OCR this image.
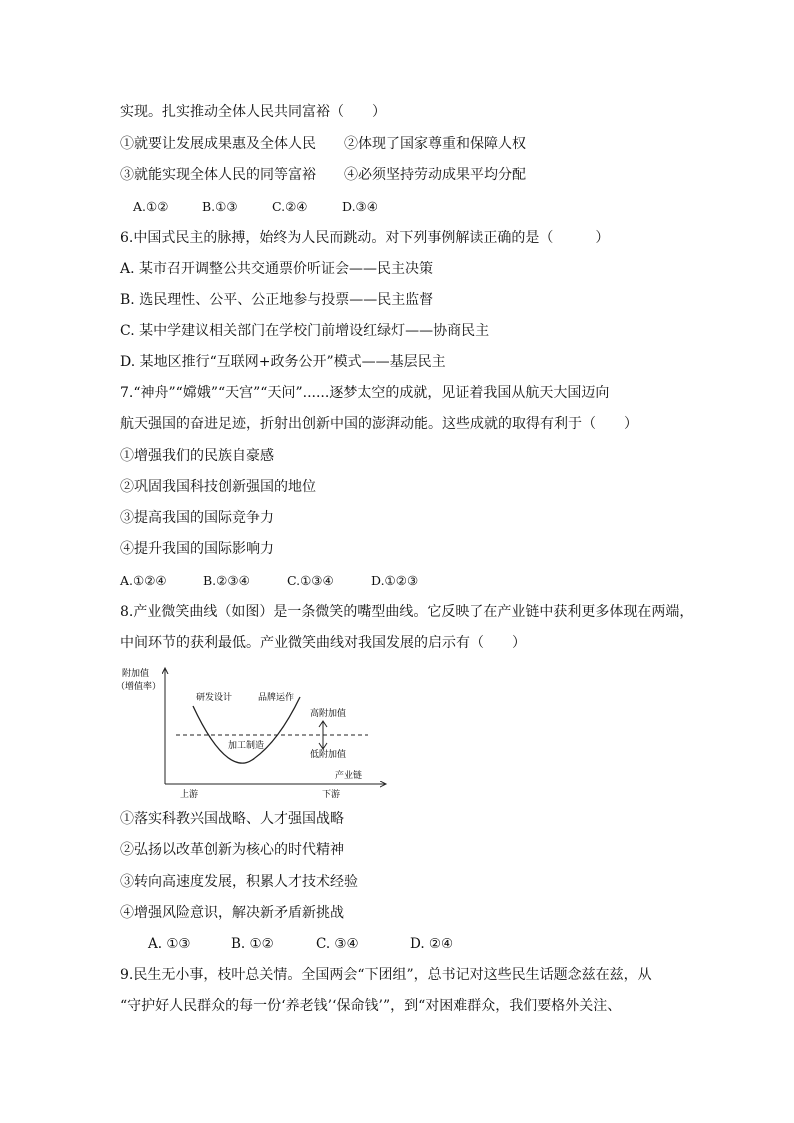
实现。扎实推动全体人民共同富裕（　　）
①就要让发展成果惠及全体人民　　②体现了国家尊重和保障人权
③就能实现全体人民的同等富裕　　④必须坚持劳动成果平均分配
A.①②	B.①③	C.②④	D.③④
6.中国式民主的脉搏，始终为人民而跳动。对下列事例解读正确的是（　　　）
A. 某市召开调整公共交通票价听证会——民主决策
B. 选民理性、公平、公正地参与投票——民主监督
C. 某中学建议相关部门在学校门前增设红绿灯——协商民主
D. 某地区推行“互联网+政务公开”模式——基层民主
7.“神舟”“嫦娥”“天宫”“天问”......逐梦太空的成就，见证着我国从航天大国迈向
航天强国的奋进足迹，折射出创新中国的澎湃动能。这些成就的取得有利于（　　）
①增强我们的民族自豪感
②巩固我国科技创新强国的地位
③提高我国的国际竞争力
④提升我国的国际影响力
A.①②④	B.②③④	C.①③④	D.①②③
8.产业微笑曲线（如图）是一条微笑的嘴型曲线。它反映了在产业链中获利更多体现在两端，
中间环节的获利最低。产业微笑曲线对我国发展的启示有（　　）
附加值
（增值率）
研发设计	品牌运作
加工制造
高附加值
低附加值
产业链
上游	下游
①落实科教兴国战略、人才强国战略
②弘扬以改革创新为核心的时代精神
③转向高速度发展，积累人才技术经验
④增强风险意识，解决新矛盾新挑战
A. ①③	B. ①②	C. ③④	D. ②④
9.民生无小事，枝叶总关情。全国两会“下团组”，总书记对这些民生话题念兹在兹，从
“守护好人民群众的每一份‘养老钱’‘保命钱’”，到“对困难群众，我们要格外关注、
